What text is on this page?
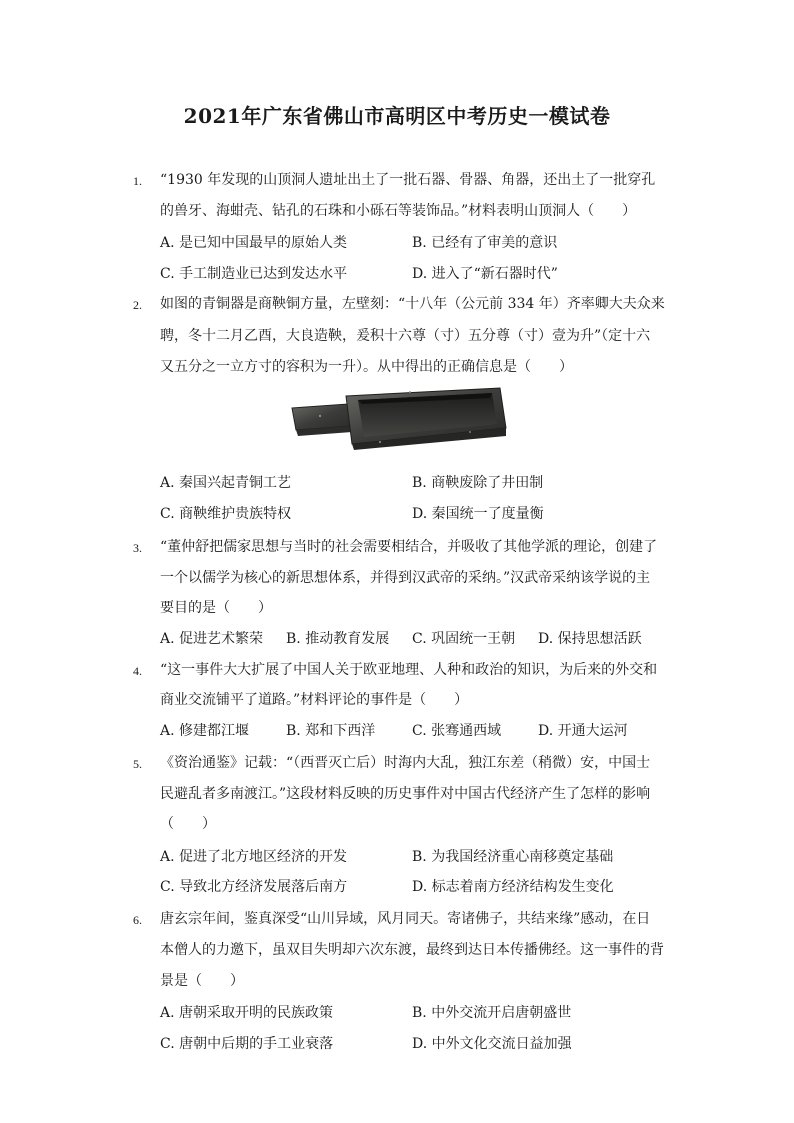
2021年广东省佛山市高明区中考历史一模试卷
1. “1930 年发现的山顶洞人遗址出土了一批石器、骨器、角器，还出土了一批穿孔
的兽牙、海蚶壳、钻孔的石珠和小砾石等装饰品。”材料表明山顶洞人（　　）
A. 是已知中国最早的原始人类	B. 已经有了审美的意识
C. 手工制造业已达到发达水平	D. 进入了“新石器时代”
2. 如图的青铜器是商鞅铜方量，左壁刻：“十八年（公元前 334 年）齐率卿大夫众来
聘，冬十二月乙酉，大良造鞅，爰积十六尊（寸）五分尊（寸）壹为升”（定十六
又五分之一立方寸的容积为一升）。从中得出的正确信息是（　　）
A. 秦国兴起青铜工艺	B. 商鞅废除了井田制
C. 商鞅维护贵族特权	D. 秦国统一了度量衡
3. “董仲舒把儒家思想与当时的社会需要相结合，并吸收了其他学派的理论，创建了
一个以儒学为核心的新思想体系，并得到汉武帝的采纳。”汉武帝采纳该学说的主
要目的是（　　）
A. 促进艺术繁荣 B. 推动教育发展 C. 巩固统一王朝 D. 保持思想活跃
4. “这一事件大大扩展了中国人关于欧亚地理、人种和政治的知识，为后来的外交和
商业交流铺平了道路。”材料评论的事件是（　　）
A. 修建都江堰	B. 郑和下西洋	C. 张骞通西域	D. 开通大运河
5. 《资治通鉴》记载：“（西晋灭亡后）时海内大乱，独江东差（稍微）安，中国士
民避乱者多南渡江。”这段材料反映的历史事件对中国古代经济产生了怎样的影响
（　　）
A. 促进了北方地区经济的开发	B. 为我国经济重心南移奠定基础
C. 导致北方经济发展落后南方	D. 标志着南方经济结构发生变化
6. 唐玄宗年间，鉴真深受“山川异域，风月同天。寄诸佛子，共结来缘”感动，在日
本僧人的力邀下，虽双目失明却六次东渡，最终到达日本传播佛经。这一事件的背
景是（　　）
A. 唐朝采取开明的民族政策	B. 中外交流开启唐朝盛世
C. 唐朝中后期的手工业衰落	D. 中外文化交流日益加强
